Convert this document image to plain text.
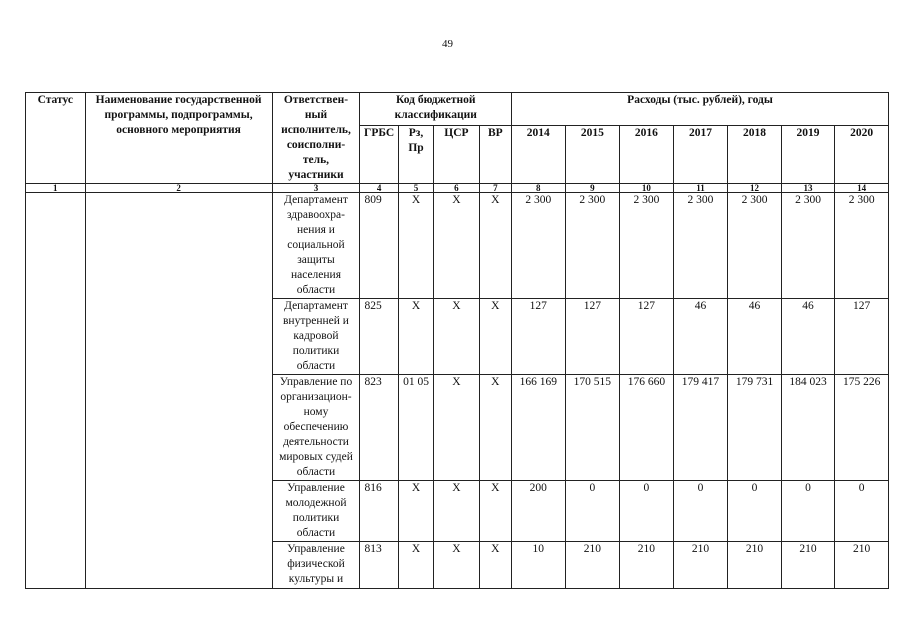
49
Статус	Наименование государственной программы, подпрограммы, основного мероприятия	Ответствен-ный исполнитель, соисполни-тель, участники	Код бюджетной классификации				Расходы (тыс. рублей), годы						
			ГРБС	Рз, Пр	ЦСР	ВР	2014	2015	2016	2017	2018	2019	2020
1	2	3	4	5	6	7	8	9	10	11	12	13	14
		Департамент здравоохра-нения и социальной защиты населения области	809	Х	Х	Х	2 300	2 300	2 300	2 300	2 300	2 300	2 300
		Департамент внутренней и кадровой политики области	825	Х	Х	Х	127	127	127	46	46	46	127
		Управление по организацион-ному обеспечению деятельности мировых судей области	823	01 05	Х	Х	166 169	170 515	176 660	179 417	179 731	184 023	175 226
		Управление молодежной политики области	816	Х	Х	Х	200	0	0	0	0	0	0
		Управление физической культуры и	813	Х	Х	Х	10	210	210	210	210	210	210
